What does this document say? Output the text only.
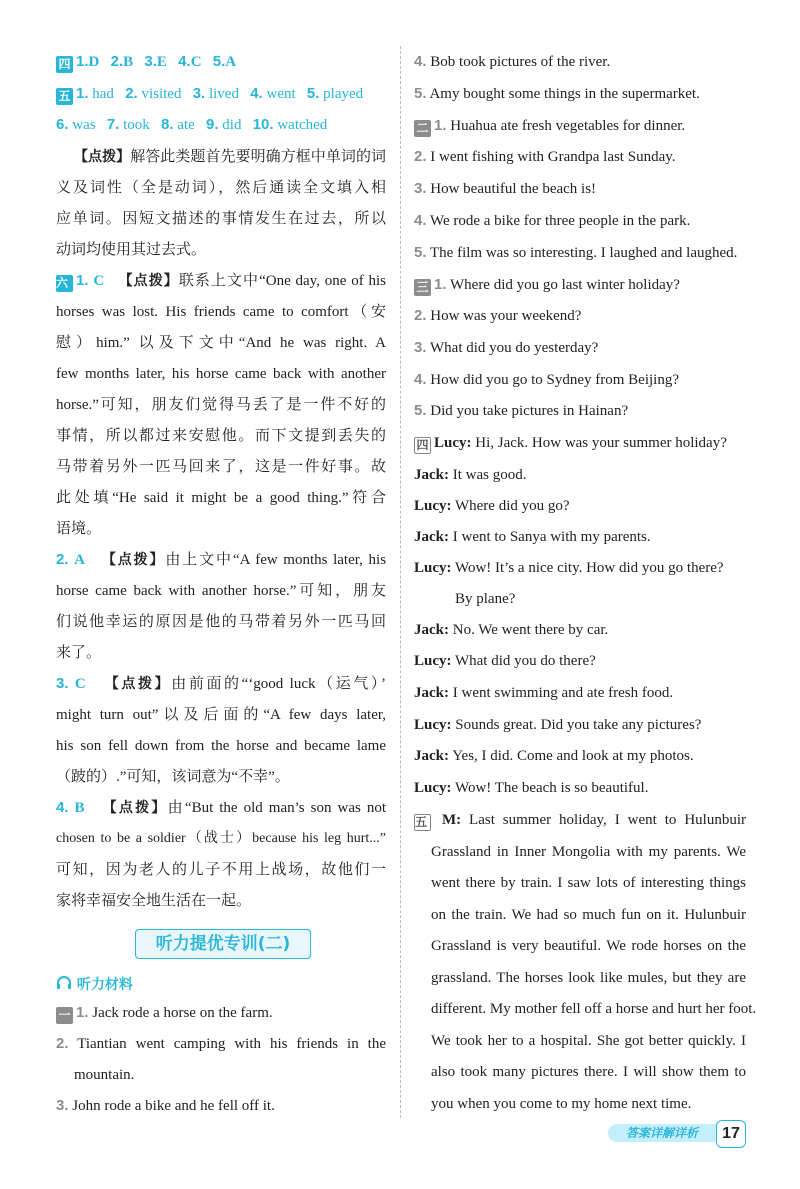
四 1.D 2.B 3.E 4.C 5.A
五 1. had 2. visited 3. lived 4. went 5. played
6. was 7. took 8. ate 9. did 10. watched
【点拨】解答此类题首先要明确方框中单词的词
义及词性（全是动词），然后通读全文填入相
应单词。因短文描述的事情发生在过去，所以
动词均使用其过去式。
六 1. C 【点拨】联系上文中“One day, one of his
horses was lost. His friends came to comfort（安
慰）him.” 以及下文中“And he was right. A
few months later, his horse came back with another
horse.”可知，朋友们觉得马丢了是一件不好的
事情，所以都过来安慰他。而下文提到丢失的
马带着另外一匹马回来了，这是一件好事。故
此处填“He said it might be a good thing.”符合
语境。
2. A 【点拨】由上文中“A few months later, his
horse came back with another horse.”可知，朋友
们说他幸运的原因是他的马带着另外一匹马回
来了。
3. C 【点拨】由前面的“‘good luck（运气）’
might turn out”以及后面的“A few days later,
his son fell down from the horse and became lame
（跛的）.”可知，该词意为“不幸”。
4. B 【点拨】由“But the old man’s son was not
chosen to be a soldier（战士）because his leg hurt...”
可知，因为老人的儿子不用上战场，故他们一
家将幸福安全地生活在一起。
听力提优专训(二)
听力材料
一 1. Jack rode a horse on the farm.
2. Tiantian went camping with his friends in the
mountain.
3. John rode a bike and he fell off it.
4. Bob took pictures of the river.
5. Amy bought some things in the supermarket.
二 1. Huahua ate fresh vegetables for dinner.
2. I went fishing with Grandpa last Sunday.
3. How beautiful the beach is!
4. We rode a bike for three people in the park.
5. The film was so interesting. I laughed and laughed.
三 1. Where did you go last winter holiday?
2. How was your weekend?
3. What did you do yesterday?
4. How did you go to Sydney from Beijing?
5. Did you take pictures in Hainan?
四 Lucy: Hi, Jack. How was your summer holiday?
Jack: It was good.
Lucy: Where did you go?
Jack: I went to Sanya with my parents.
Lucy: Wow! It’s a nice city. How did you go there?
By plane?
Jack: No. We went there by car.
Lucy: What did you do there?
Jack: I went swimming and ate fresh food.
Lucy: Sounds great. Did you take any pictures?
Jack: Yes, I did. Come and look at my photos.
Lucy: Wow! The beach is so beautiful.
五 M: Last summer holiday, I went to Hulunbuir
Grassland in Inner Mongolia with my parents. We
went there by train. I saw lots of interesting things
on the train. We had so much fun on it. Hulunbuir
Grassland is very beautiful. We rode horses on the
grassland. The horses look like mules, but they are
different. My mother fell off a horse and hurt her foot.
We took her to a hospital. She got better quickly. I
also took many pictures there. I will show them to
you when you come to my home next time.
答案详解详析	17
